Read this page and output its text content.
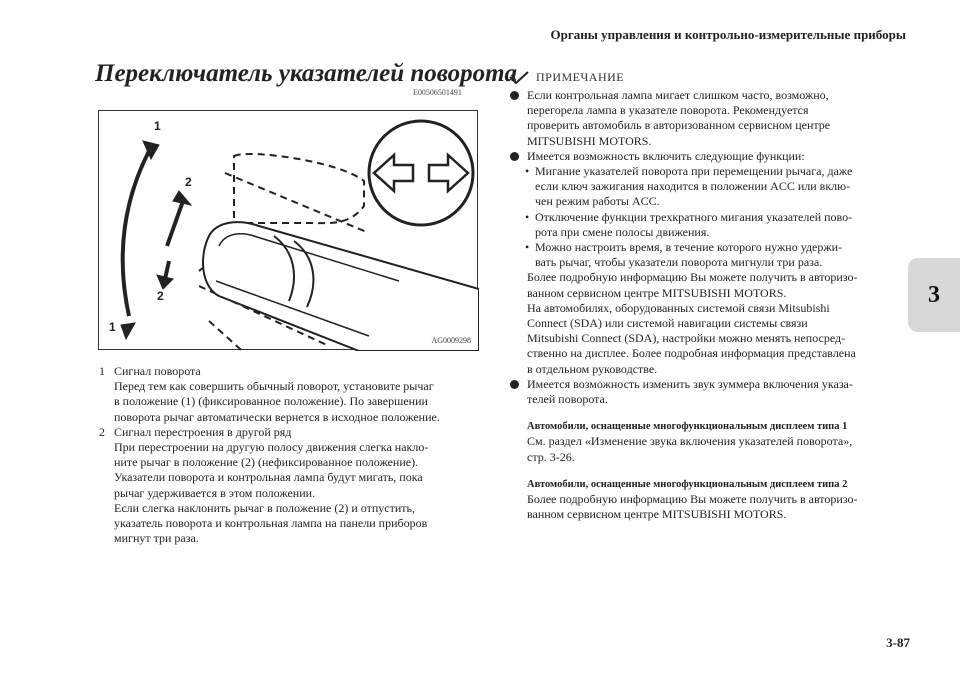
Органы управления и контрольно-измерительные приборы
3
Переключатель указателей поворота
E00506501491
1
2
2
1
AG0009298
1 Сигнал поворота
Перед тем как совершить обычный поворот, установите рычаг
в положение (1) (фиксированное положение). По завершении
поворота рычаг автоматически вернется в исходное положение.
2 Сигнал перестроения в другой ряд
При перестроении на другую полосу движения слегка накло-
ните рычаг в положение (2) (нефиксированное положение).
Указатели поворота и контрольная лампа будут мигать, пока
рычаг удерживается в этом положении.
Если слегка наклонить рычаг в положение (2) и отпустить,
указатель поворота и контрольная лампа на панели приборов
мигнут три раза.
ПРИМЕЧАНИЕ
Если контрольная лампа мигает слишком часто, возможно,
перегорела лампа в указателе поворота. Рекомендуется
проверить автомобиль в авторизованном сервисном центре
MITSUBISHI MOTORS.
Имеется возможность включить следующие функции:
• Мигание указателей поворота при перемещении рычага, даже
если ключ зажигания находится в положении ACC или вклю-
чен режим работы ACC.
• Отключение функции трехкратного мигания указателей пово-
рота при смене полосы движения.
• Можно настроить время, в течение которого нужно удержи-
вать рычаг, чтобы указатели поворота мигнули три раза.
Более подробную информацию Вы можете получить в авторизо-
ванном сервисном центре MITSUBISHI MOTORS.
На автомобилях, оборудованных системой связи Mitsubishi
Connect (SDA) или системой навигации системы связи
Mitsubishi Connect (SDA), настройки можно менять непосред-
ственно на дисплее. Более подробная информация представлена
в отдельном руководстве.
Имеется возможность изменить звук зуммера включения указа-
телей поворота.
Автомобили, оснащенные многофункциональным дисплеем типа 1
См. раздел «Изменение звука включения указателей поворота»,
стр. 3-26.
Автомобили, оснащенные многофункциональным дисплеем типа 2
Более подробную информацию Вы можете получить в авторизо-
ванном сервисном центре MITSUBISHI MOTORS.
3-87
